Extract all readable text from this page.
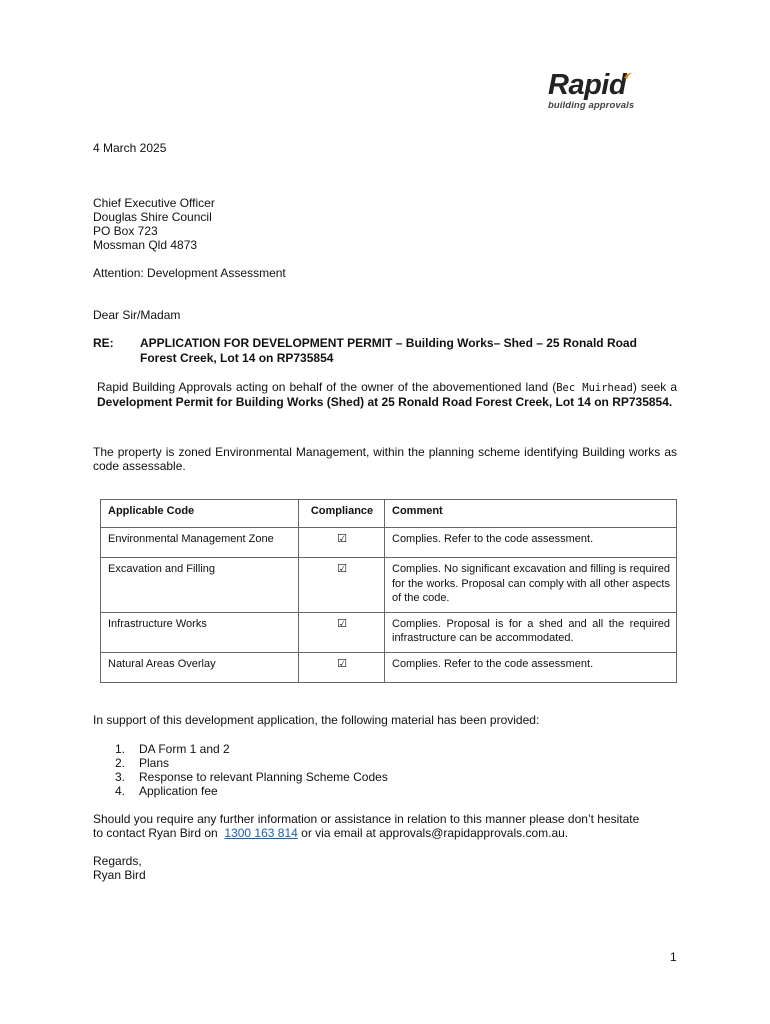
Rapid
building approvals
4 March 2025
Chief Executive Officer
Douglas Shire Council
PO Box 723
Mossman Qld 4873
Attention: Development Assessment
Dear Sir/Madam
RE: APPLICATION FOR DEVELOPMENT PERMIT – Building Works– Shed – 25 Ronald Road
Forest Creek, Lot 14 on RP735854
Rapid Building Approvals acting on behalf of the owner of the abovementioned land (Bec Muirhead) seek a Development Permit for Building Works (Shed) at 25 Ronald Road Forest Creek, Lot 14 on RP735854.
The property is zoned Environmental Management, within the planning scheme identifying Building works as code assessable.
Applicable Code	Compliance	Comment
Environmental Management Zone	☑	Complies. Refer to the code assessment.
Excavation and Filling	☑	Complies. No significant excavation and filling is required for the works. Proposal can comply with all other aspects of the code.
Infrastructure Works	☑	Complies. Proposal is for a shed and all the required infrastructure can be accommodated.
Natural Areas Overlay	☑	Complies. Refer to the code assessment.
In support of this development application, the following material has been provided:
1. DA Form 1 and 2
2. Plans
3. Response to relevant Planning Scheme Codes
4. Application fee
Should you require any further information or assistance in relation to this manner please don’t hesitate
to contact Ryan Bird on  1300 163 814 or via email at approvals@rapidapprovals.com.au.
Regards,
Ryan Bird
1
